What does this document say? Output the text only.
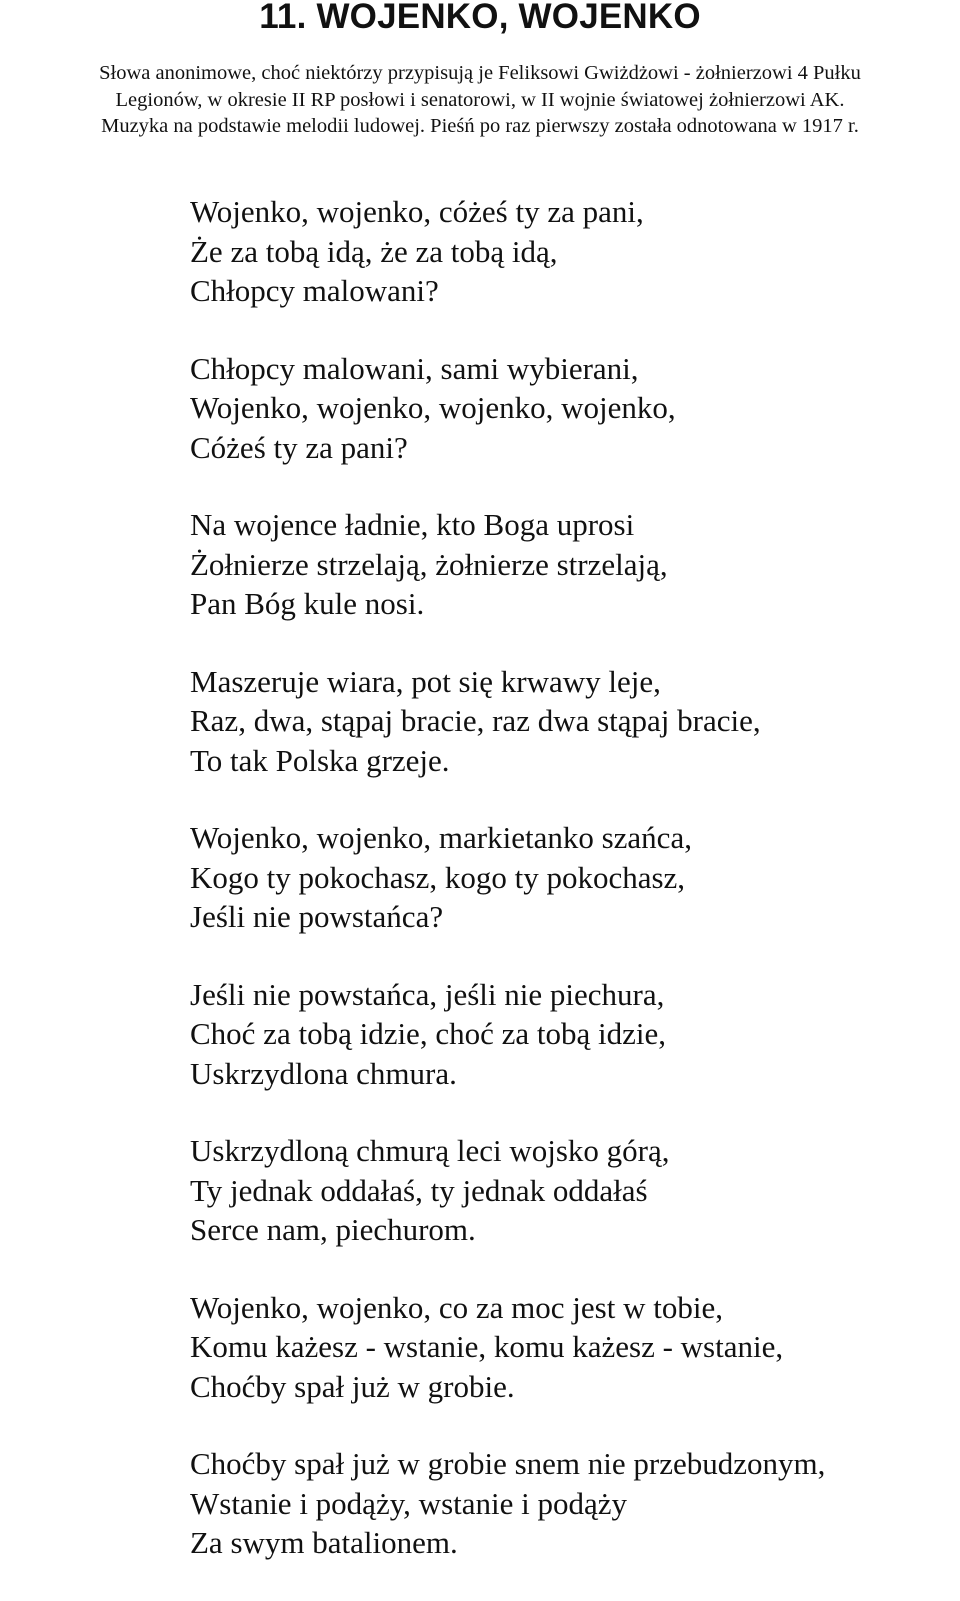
11. WOJENKO, WOJENKO

Słowa anonimowe, choć niektórzy przypisują je Feliksowi Gwiżdżowi - żołnierzowi 4 Pułku

Legionów, w okresie II RP posłowi i senatorowi, w II wojnie światowej żołnierzowi AK.

Muzyka na podstawie melodii ludowej. Pieśń po raz pierwszy została odnotowana w 1917 r.

Wojenko, wojenko, cóżeś ty za pani,
Że za tobą idą, że za tobą idą,
Chłopcy malowani?
Chłopcy malowani, sami wybierani,
Wojenko, wojenko, wojenko, wojenko,
Cóżeś ty za pani?
Na wojence ładnie, kto Boga uprosi
Żołnierze strzelają, żołnierze strzelają,
Pan Bóg kule nosi.
Maszeruje wiara, pot się krwawy leje,
Raz, dwa, stąpaj bracie, raz dwa stąpaj bracie,
To tak Polska grzeje.
Wojenko, wojenko, markietanko szańca,
Kogo ty pokochasz, kogo ty pokochasz,
Jeśli nie powstańca?
Jeśli nie powstańca, jeśli nie piechura,
Choć za tobą idzie, choć za tobą idzie,
Uskrzydlona chmura.
Uskrzydloną chmurą leci wojsko górą,
Ty jednak oddałaś, ty jednak oddałaś
Serce nam, piechurom.
Wojenko, wojenko, co za moc jest w tobie,
Komu każesz - wstanie, komu każesz - wstanie,
Choćby spał już w grobie.
Choćby spał już w grobie snem nie przebudzonym,
Wstanie i podąży, wstanie i podąży
Za swym batalionem.
